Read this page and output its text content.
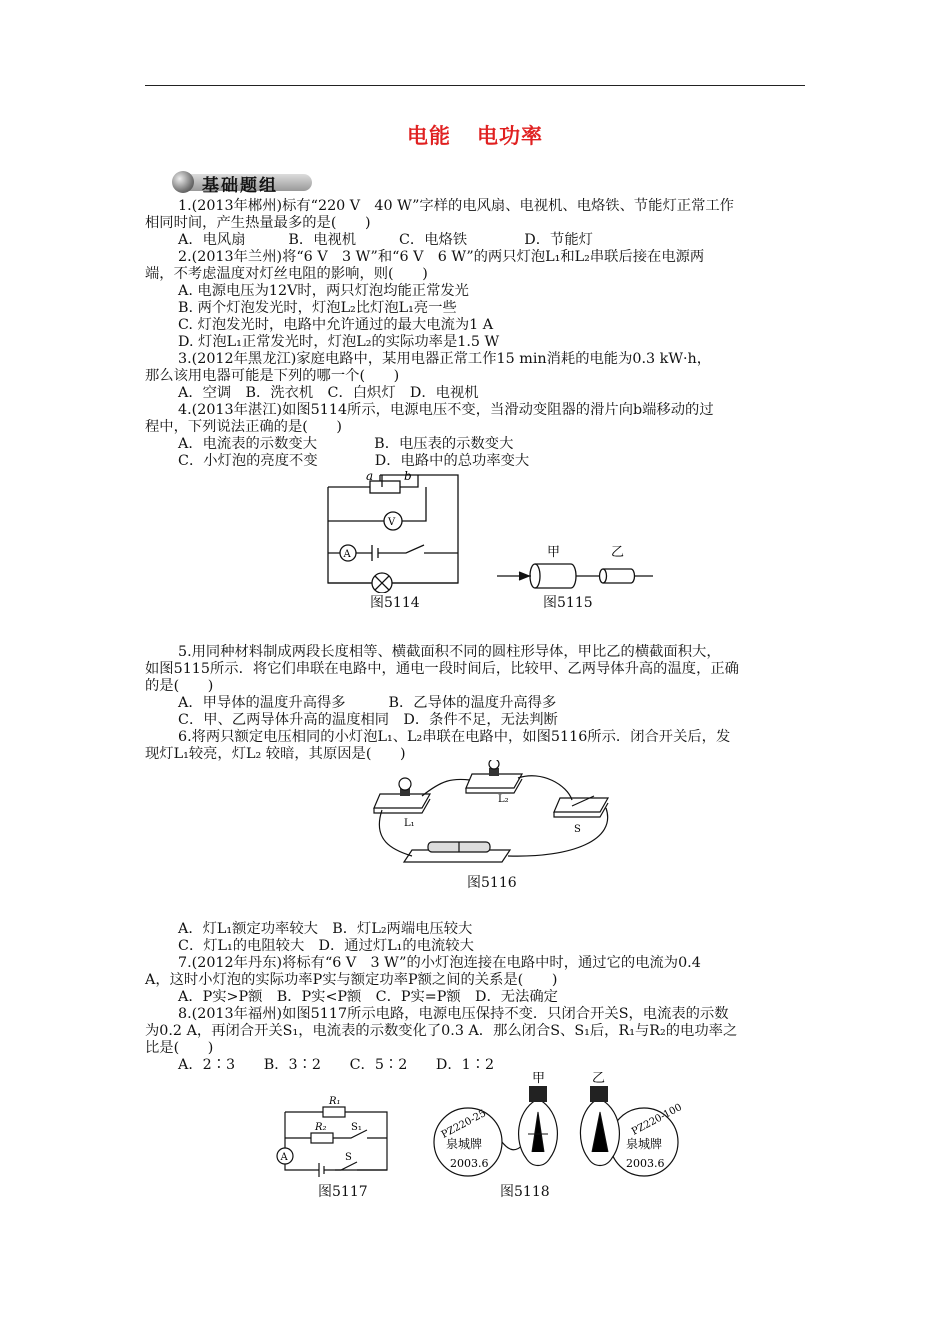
电能 电功率
基础题组
1.(2013年郴州)标有“220 V　40 W”字样的电风扇、电视机、电烙铁、节能灯正常工作
相同时间，产生热量最多的是(　　)
A．电风扇　　　B．电视机　　　C．电烙铁　　　　D．节能灯
2.(2013年兰州)将“6 V　3 W”和“6 V　6 W”的两只灯泡L₁和L₂串联后接在电源两
端，不考虑温度对灯丝电阻的影响，则(　　)
A. 电源电压为12V时，两只灯泡均能正常发光
B. 两个灯泡发光时，灯泡L₂比灯泡L₁亮一些
C. 灯泡发光时，电路中允许通过的最大电流为1 A
D. 灯泡L₁正常发光时，灯泡L₂的实际功率是1.5 W
3.(2012年黑龙江)家庭电路中，某用电器正常工作15 min消耗的电能为0.3 kW·h，
那么该用电器可能是下列的哪一个(　　)
A．空调　B．洗衣机　C．白炽灯　D．电视机
4.(2013年湛江)如图5114所示，电源电压不变，当滑动变阻器的滑片向b端移动的过
程中，下列说法正确的是(　　)
A．电流表的示数变大　　　　B．电压表的示数变大
C．小灯泡的亮度不变　　　　D．电路中的总功率变大
a	b
V
A
图5114
甲	乙
图5115
5.用同种材料制成两段长度相等、横截面积不同的圆柱形导体，甲比乙的横截面积大，
如图5115所示．将它们串联在电路中，通电一段时间后，比较甲、乙两导体升高的温度，正确
的是(　　)
A．甲导体的温度升高得多　　　B．乙导体的温度升高得多
C．甲、乙两导体升高的温度相同　D．条件不足，无法判断
6.将两只额定电压相同的小灯泡L₁、L₂串联在电路中，如图5116所示．闭合开关后，发
现灯L₁较亮，灯L₂ 较暗，其原因是(　　)
L₁
L₂
S
图5116
A．灯L₁额定功率较大　B．灯L₂两端电压较大
C．灯L₁的电阻较大　D．通过灯L₁的电流较大
7.(2012年丹东)将标有“6 V　3 W”的小灯泡连接在电路中时，通过它的电流为0.4
A，这时小灯泡的实际功率P实与额定功率P额之间的关系是(　　)
A．P实>P额　B．P实<P额　C．P实=P额　D．无法确定
8.(2013年福州)如图5117所示电路，电源电压保持不变．只闭合开关S，电流表的示数
为0.2 A，再闭合开关S₁，电流表的示数变化了0.3 A．那么闭合S、S₁后，R₁与R₂的电功率之
比是(　　)
A．2∶3　　B．3∶2　　C．5∶2　　D．1∶2
A
R₁
R₂ S₁
S
图5117
甲	乙
PZ220-25	PZ220-100
泉城牌	泉城牌
2003.6	2003.6
图5118
